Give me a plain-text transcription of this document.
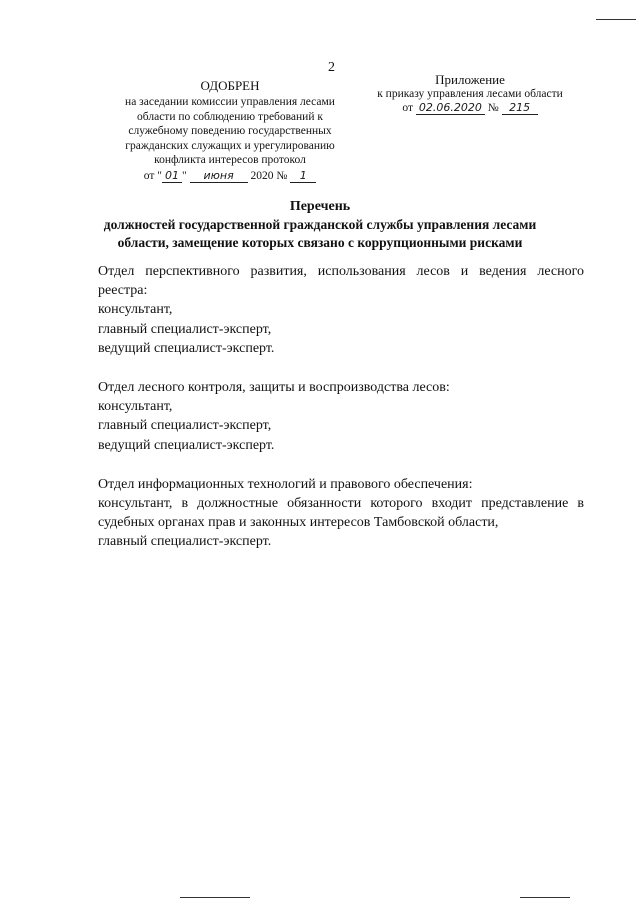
2
ОДОБРЕН
на заседании комиссии управления лесами
области по соблюдению требований к
служебному поведению государственных
гражданских служащих и урегулированию
конфликта интересов протокол
от " 01 " июня 2020 № 1
Приложение
к приказу управления лесами области
от 02.06.2020 № 215
Перечень
должностей государственной гражданской службы управления лесами
области, замещение которых связано с коррупционными рисками
Отдел перспективного развития, использования лесов и ведения лесного
реестра:
консультант,
главный специалист-эксперт,
ведущий специалист-эксперт.
Отдел лесного контроля, защиты и воспроизводства лесов:
консультант,
главный специалист-эксперт,
ведущий специалист-эксперт.
Отдел информационных технологий и правового обеспечения:
консультант, в должностные обязанности которого входит представление в
судебных органах прав и законных интересов Тамбовской области,
главный специалист-эксперт.
